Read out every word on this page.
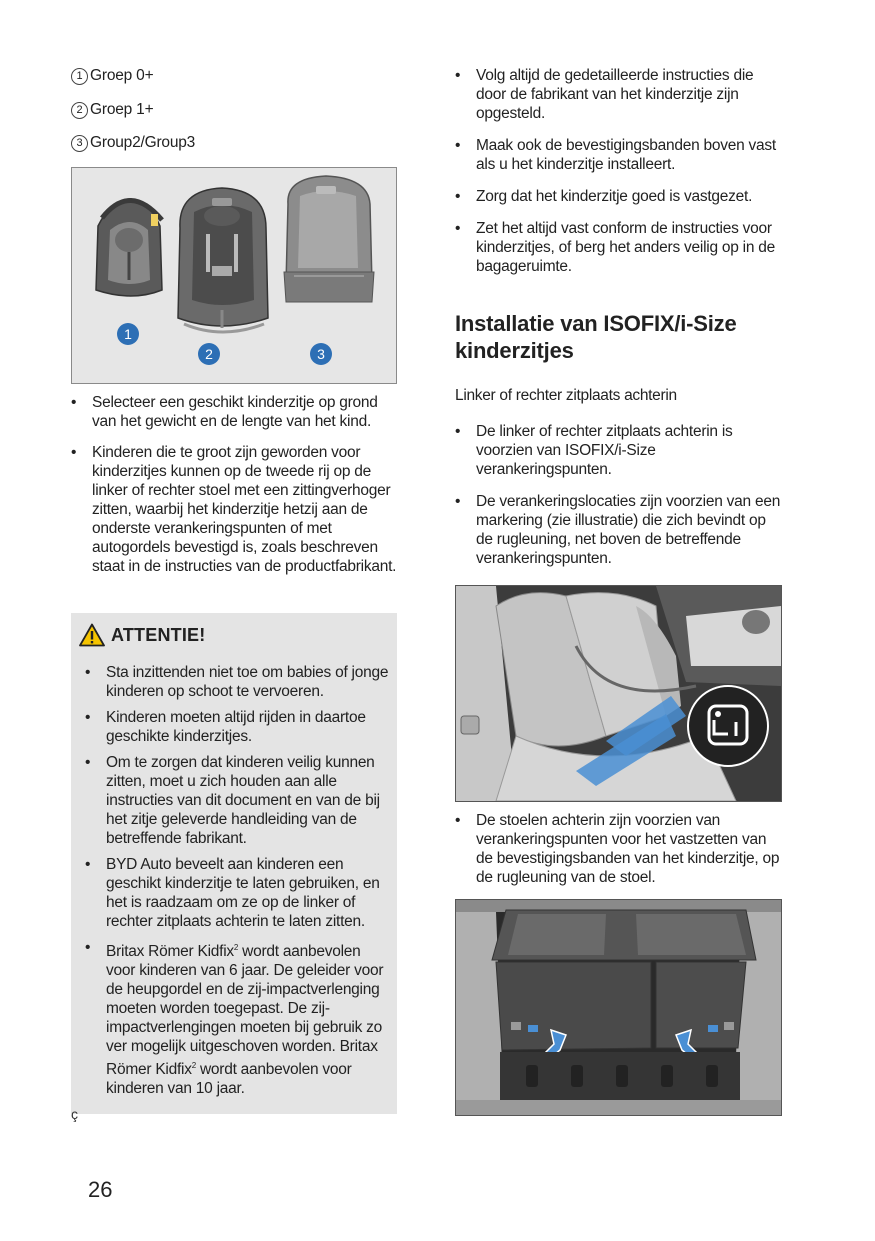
1 Groep 0+
2 Groep 1+
3 Group2/Group3
1
2	3
• Selecteer een geschikt kinderzitje op grond van het gewicht en de lengte van het kind.
• Kinderen die te groot zijn geworden voor kinderzitjes kunnen op de tweede rij op de linker of rechter stoel met een zittingverhoger zitten, waarbij het kinderzitje hetzij aan de onderste verankeringspunten of met autogordels bevestigd is, zoals beschreven staat in de instructies van de productfabrikant.
ATTENTIE!
• Sta inzittenden niet toe om babies of jonge kinderen op schoot te vervoeren.
• Kinderen moeten altijd rijden in daartoe geschikte kinderzitjes.
• Om te zorgen dat kinderen veilig kunnen zitten, moet u zich houden aan alle instructies van dit document en van de bij het zitje geleverde handleiding van de betreffende fabrikant.
• BYD Auto beveelt aan kinderen een geschikt kinderzitje te laten gebruiken, en het is raadzaam om ze op de linker of rechter zitplaats achterin te laten zitten.
• Britax Römer Kidfix$^2$ wordt aanbevolen voor kinderen van 6 jaar. De geleider voor de heupgordel en de zij-impactverlenging moeten worden toegepast. De zij-impactverlengingen moeten bij gebruik zo ver mogelijk uitgeschoven worden. Britax Römer Kidfix$^2$ wordt aanbevolen voor kinderen van 10 jaar.
ç
26
• Volg altijd de gedetailleerde instructies die door de fabrikant van het kinderzitje zijn opgesteld.
• Maak ook de bevestigingsbanden boven vast als u het kinderzitje installeert.
• Zorg dat het kinderzitje goed is vastgezet.
• Zet het altijd vast conform de instructies voor kinderzitjes, of berg het anders veilig op in de bagageruimte.
Installatie van ISOFIX/i-Size kinderzitjes
Linker of rechter zitplaats achterin
• De linker of rechter zitplaats achterin is voorzien van ISOFIX/i-Size verankeringspunten.
• De verankeringslocaties zijn voorzien van een markering (zie illustratie) die zich bevindt op de rugleuning, net boven de betreffende verankeringspunten.
• De stoelen achterin zijn voorzien van verankeringspunten voor het vastzetten van de bevestigingsbanden van het kinderzitje, op de rugleuning van de stoel.
